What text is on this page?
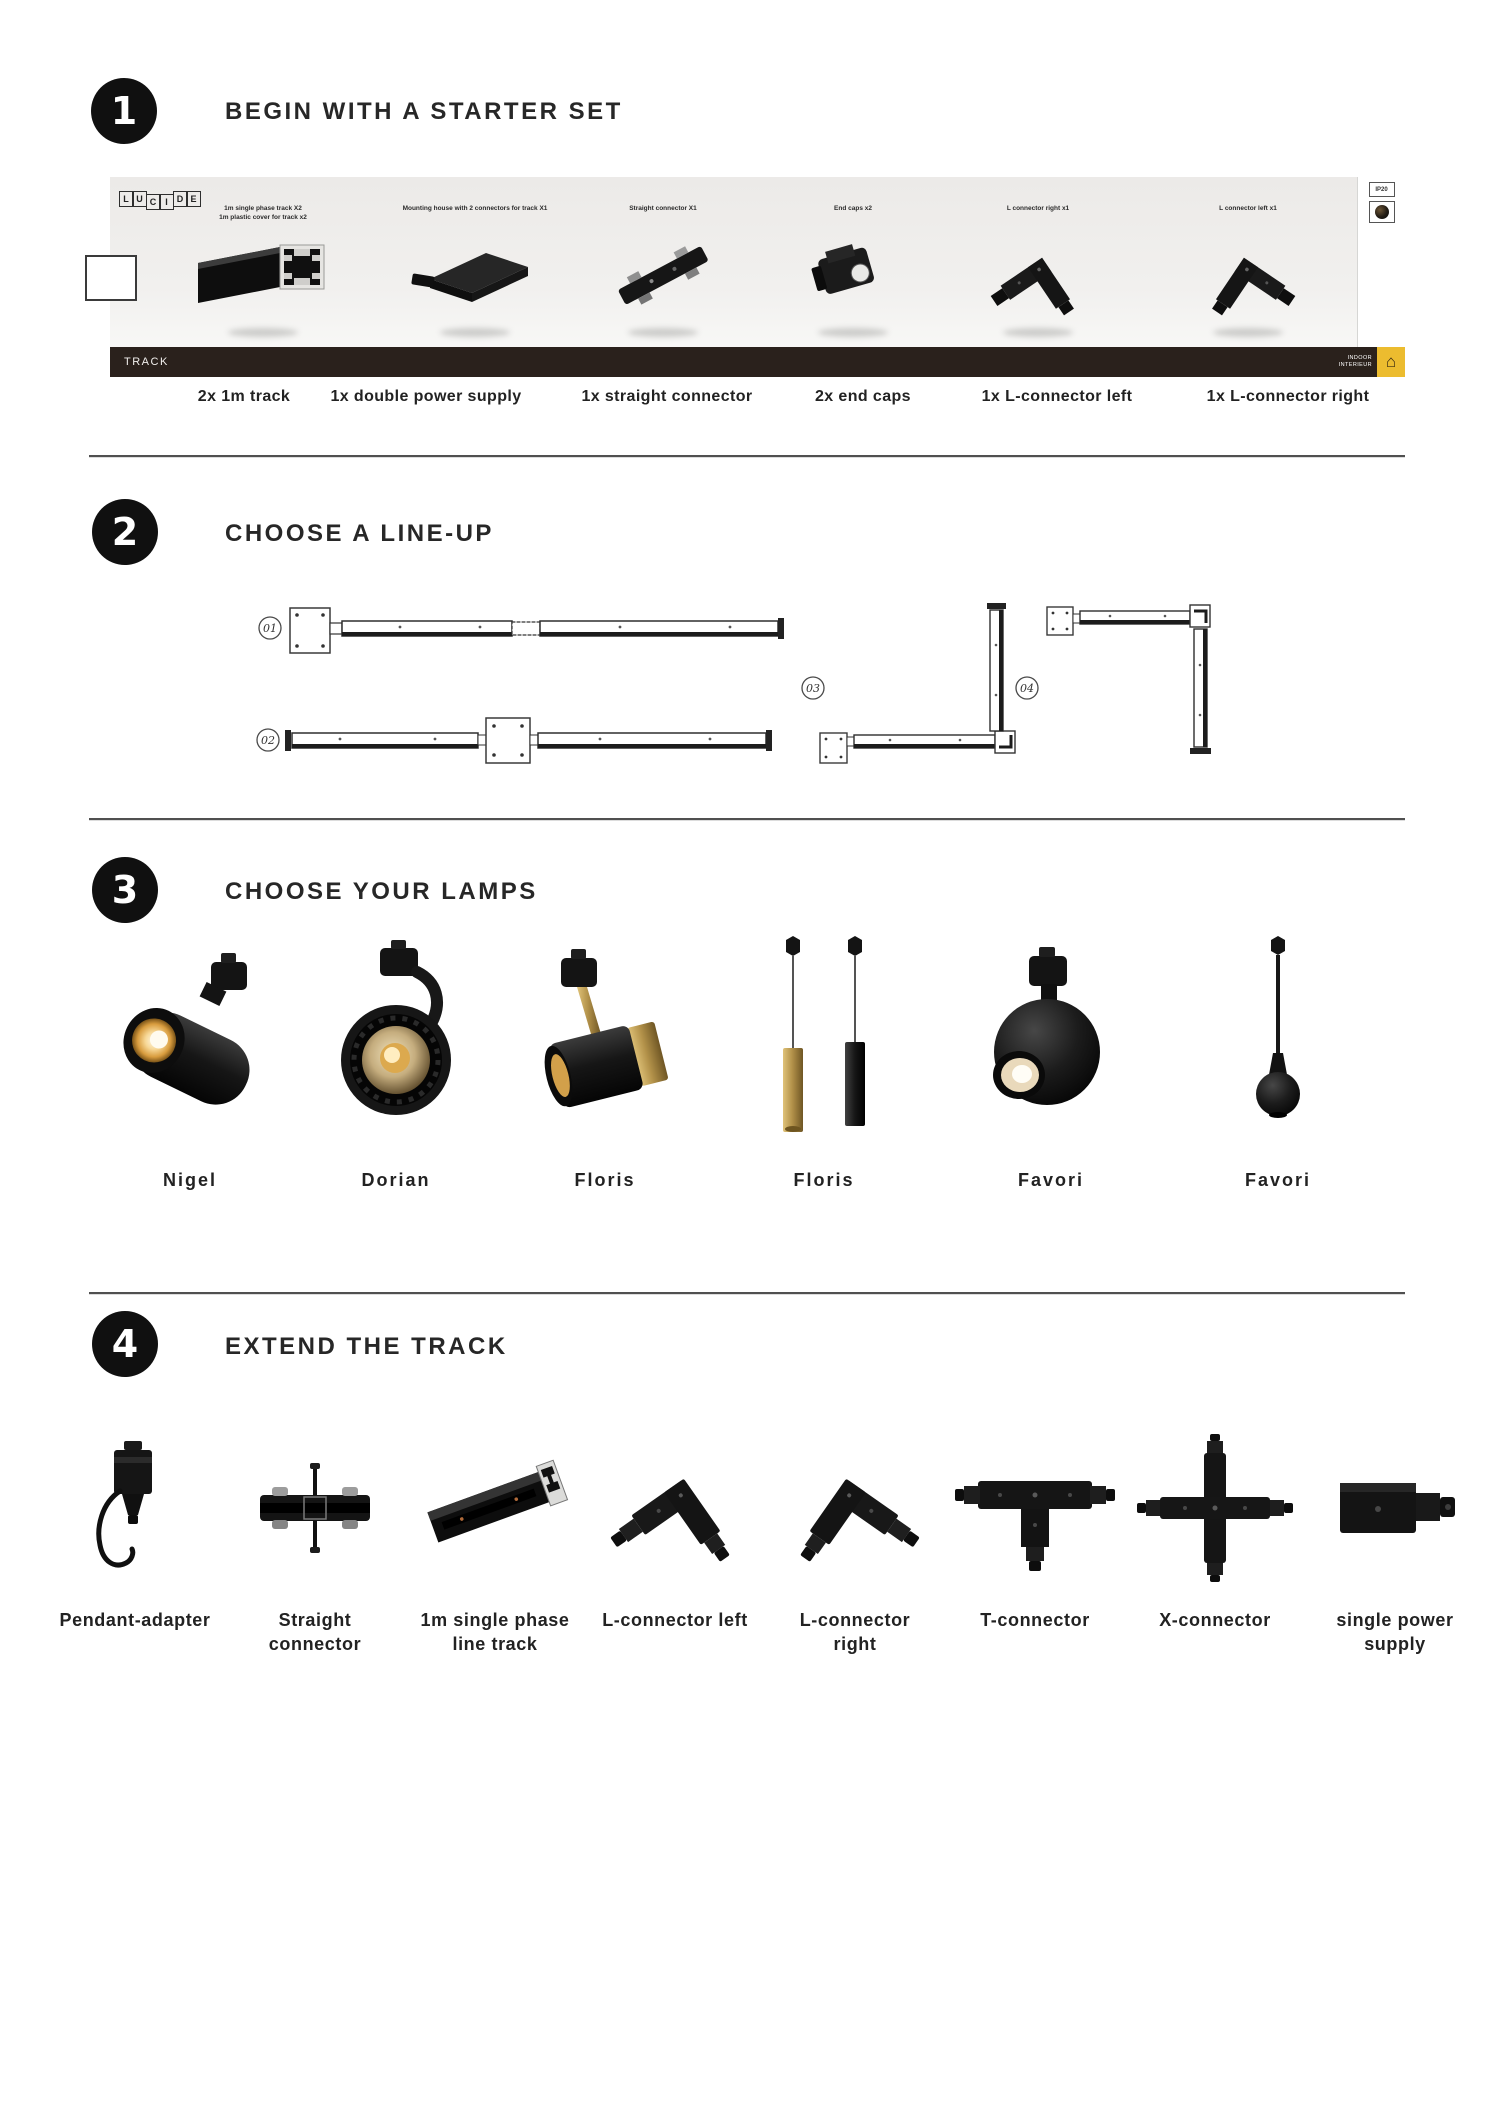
1	BEGIN WITH A STARTER SET
L U C I	D E
1m single phase track X2
1m plastic cover for track x2
Mounting house with 2 connectors for track X1	Straight connector X1	End caps x2	L connector right x1	L connector left x1
IP20
TRACK	INDOOR
INTERIEUR ⌂
2x 1m track	1x double power supply	1x straight connector	2x end caps	1x L-connector left	1x L-connector right
2	CHOOSE A LINE-UP
01
02
03	04
3	CHOOSE YOUR LAMPS
Nigel	Dorian	Floris	Floris	Favori	Favori
4	EXTEND THE TRACK
Pendant-adapter	Straight connector
1m single phase line track
L-connector left	L-connector right
T-connector	X-connector	single power supply
